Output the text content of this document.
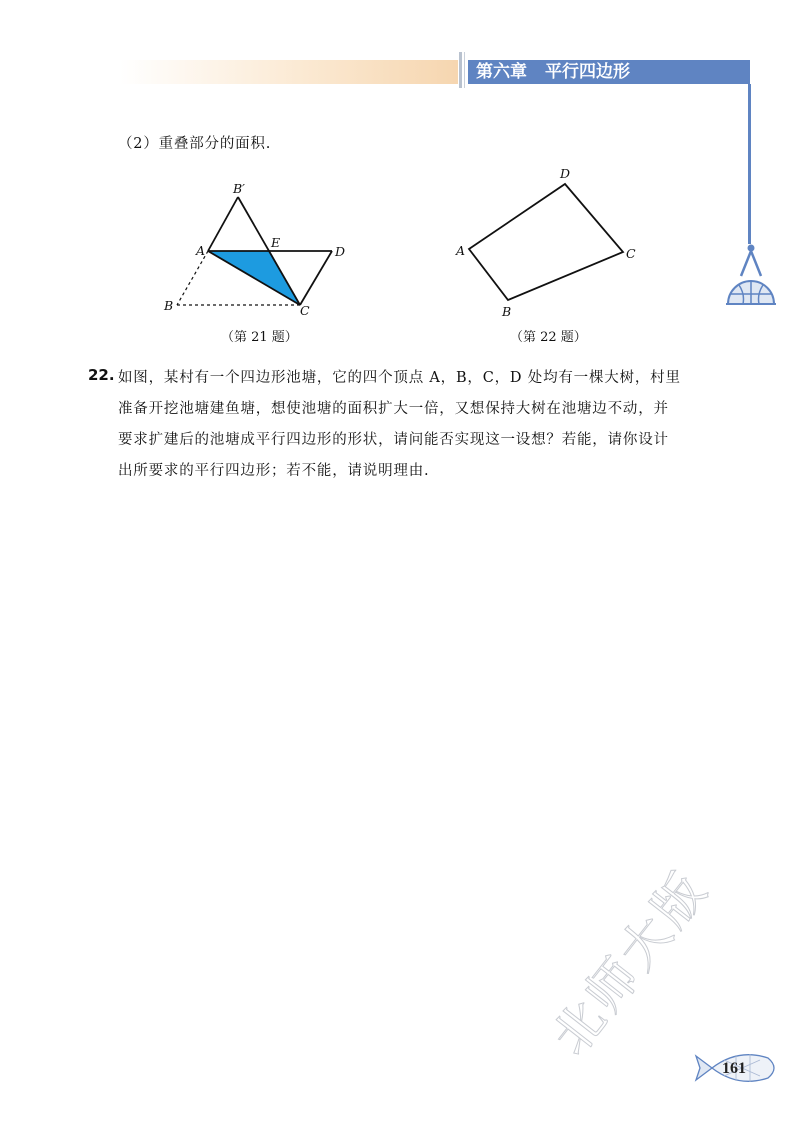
第六章 平行四边形
（2）重叠部分的面积.
B′
A
E
D
B	C
（第 21 题）
D
A	C
B
（第 22 题）
22. 如图，某村有一个四边形池塘，它的四个顶点 A，B，C，D 处均有一棵大树，村里
准备开挖池塘建鱼塘，想使池塘的面积扩大一倍，又想保持大树在池塘边不动，并
要求扩建后的池塘成平行四边形的形状，请问能否实现这一设想？若能，请你设计
出所要求的平行四边形；若不能，请说明理由.
北师大版
161
